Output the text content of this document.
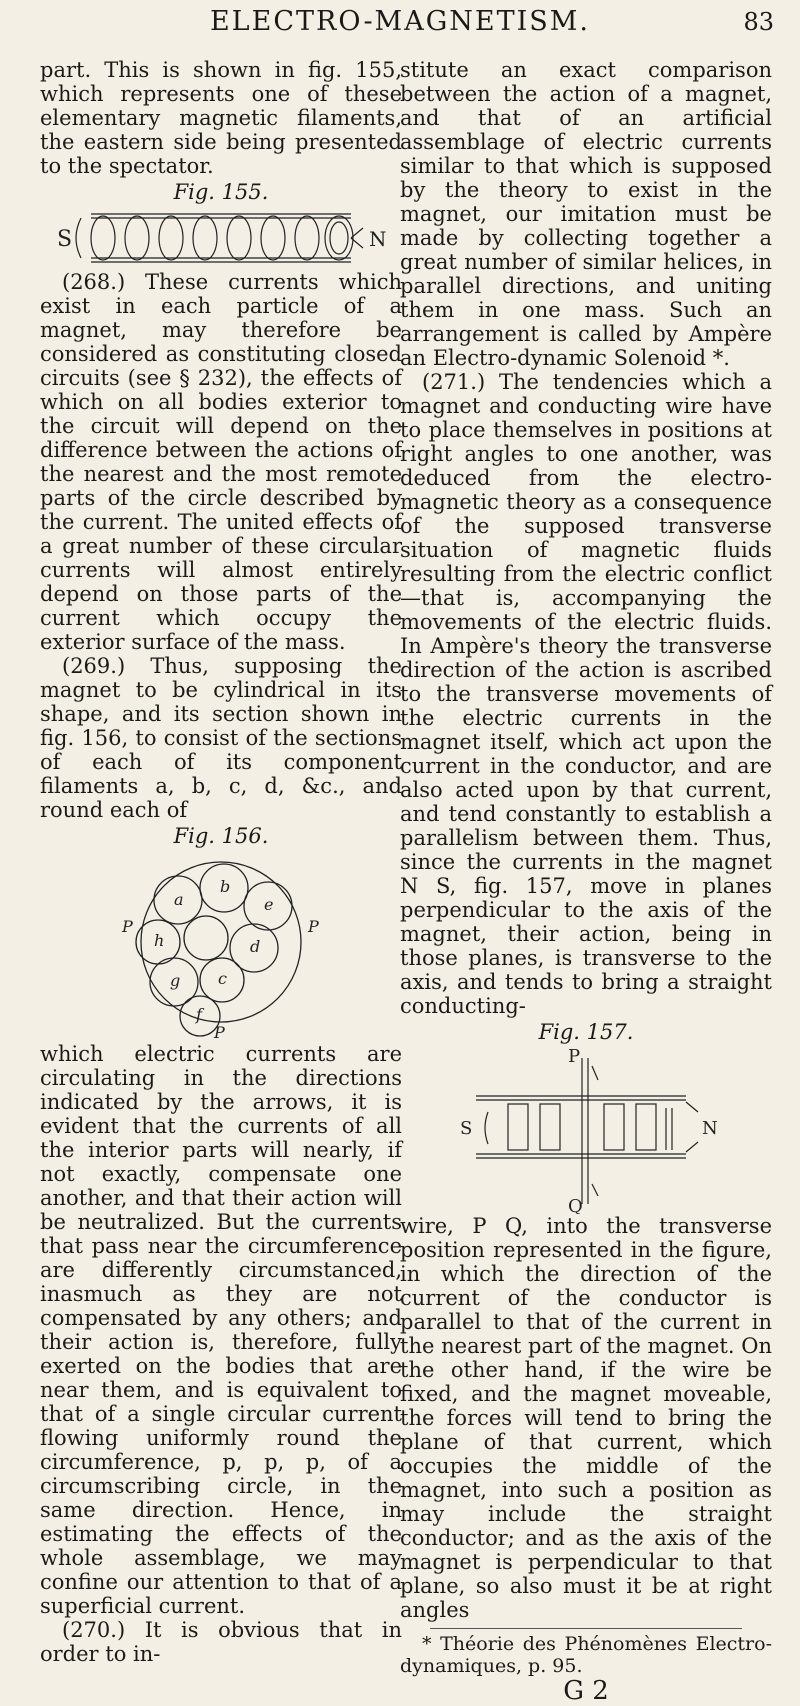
ELECTRO-MAGNETISM.	83

part. This is shown in fig. 155, which represents one of these elementary magnetic filaments, the eastern side being presented to the spectator.

Fig. 155.
S	N

(268.) These currents which exist in each particle of a magnet, may therefore be considered as constituting closed circuits (see § 232), the effects of which on all bodies exterior to the circuit will depend on the difference between the actions of the nearest and the most remote parts of the circle described by the current. The united effects of a great number of these circular currents will almost entirely depend on those parts of the current which occupy the exterior surface of the mass.

(269.) Thus, supposing the magnet to be cylindrical in its shape, and its section shown in fig. 156, to consist of the sections of each of its component filaments a, b, c, d, &c., and round each of

Fig. 156.
b
a	e
h	d
g c
f
P	P
P

which electric currents are circulating in the directions indicated by the arrows, it is evident that the currents of all the interior parts will nearly, if not exactly, compensate one another, and that their action will be neutralized. But the currents that pass near the circumference are differently circumstanced, inasmuch as they are not compensated by any others; and their action is, therefore, fully exerted on the bodies that are near them, and is equivalent to that of a single circular current flowing uniformly round the circumference, p, p, p, of a circumscribing circle, in the same direction. Hence, in estimating the effects of the whole assemblage, we may confine our attention to that of a superficial current.

(270.) It is obvious that in order to in-

stitute an exact comparison between the action of a magnet, and that of an artificial assemblage of electric currents similar to that which is supposed by the theory to exist in the magnet, our imitation must be made by collecting together a great number of similar helices, in parallel directions, and uniting them in one mass. Such an arrangement is called by Ampère an Electro-dynamic Solenoid *.

(271.) The tendencies which a magnet and conducting wire have to place themselves in positions at right angles to one another, was deduced from the electro-magnetic theory as a consequence of the supposed transverse situation of magnetic fluids resulting from the electric conflict—that is, accompanying the movements of the electric fluids. In Ampère's theory the transverse direction of the action is ascribed to the transverse movements of the electric currents in the magnet itself, which act upon the current in the conductor, and are also acted upon by that current, and tend constantly to establish a parallelism between them. Thus, since the currents in the magnet N S, fig. 157, move in planes perpendicular to the axis of the magnet, their action, being in those planes, is transverse to the axis, and tends to bring a straight conducting-

Fig. 157.
P
Q
S	N

wire, P Q, into the transverse position represented in the figure, in which the direction of the current of the conductor is parallel to that of the current in the nearest part of the magnet. On the other hand, if the wire be fixed, and the magnet moveable, the forces will tend to bring the plane of that current, which occupies the middle of the magnet, into such a position as may include the straight conductor; and as the axis of the magnet is perpendicular to that plane, so also must it be at right angles

* Théorie des Phénomènes Electro-dynamiques, p. 95.

G 2
